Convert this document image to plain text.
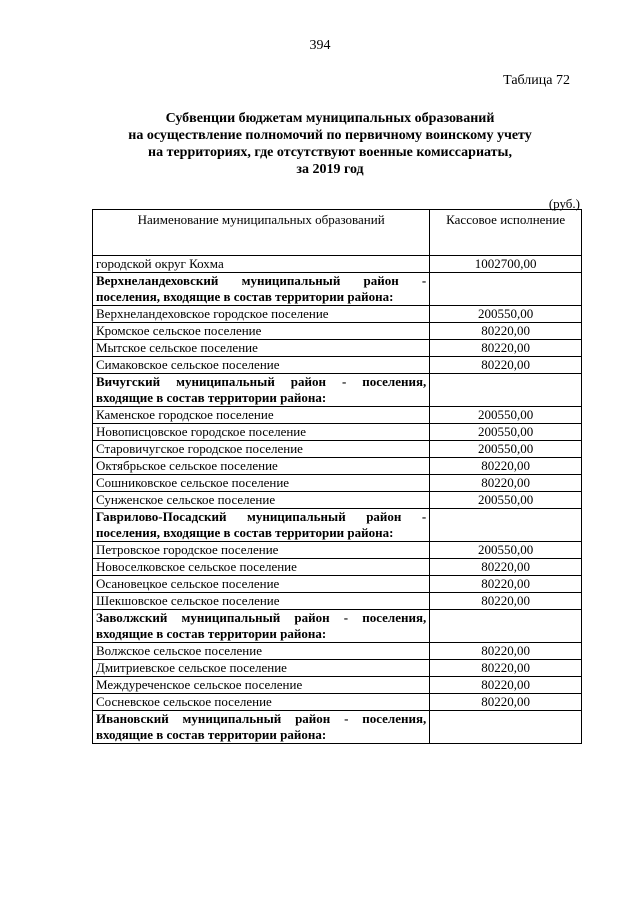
394
Таблица 72
Субвенции бюджетам муниципальных образований
на осуществление полномочий по первичному воинскому учету
на территориях, где отсутствуют военные комиссариаты,
за 2019 год
(руб.)
Наименование муниципальных образований	Кассовое исполнение
городской округ Кохма	1002700,00
Верхнеландеховский муниципальный район - поселения, входящие в состав территории района:	
Верхнеландеховское городское поселение	200550,00
Кромское сельское поселение	80220,00
Мытское сельское поселение	80220,00
Симаковское сельское поселение	80220,00
Вичугский муниципальный район - поселения, входящие в состав территории района:	
Каменское городское поселение	200550,00
Новописцовское городское поселение	200550,00
Старовичугское городское поселение	200550,00
Октябрьское сельское поселение	80220,00
Сошниковское сельское поселение	80220,00
Сунженское сельское поселение	200550,00
Гаврилово-Посадский муниципальный район - поселения, входящие в состав территории района:	
Петровское городское поселение	200550,00
Новоселковское сельское поселение	80220,00
Осановецкое сельское поселение	80220,00
Шекшовское сельское поселение	80220,00
Заволжский муниципальный район - поселения, входящие в состав территории района:	
Волжское сельское поселение	80220,00
Дмитриевское сельское поселение	80220,00
Междуреченское сельское поселение	80220,00
Сосневское сельское поселение	80220,00
Ивановский муниципальный район - поселения, входящие в состав территории района:	
